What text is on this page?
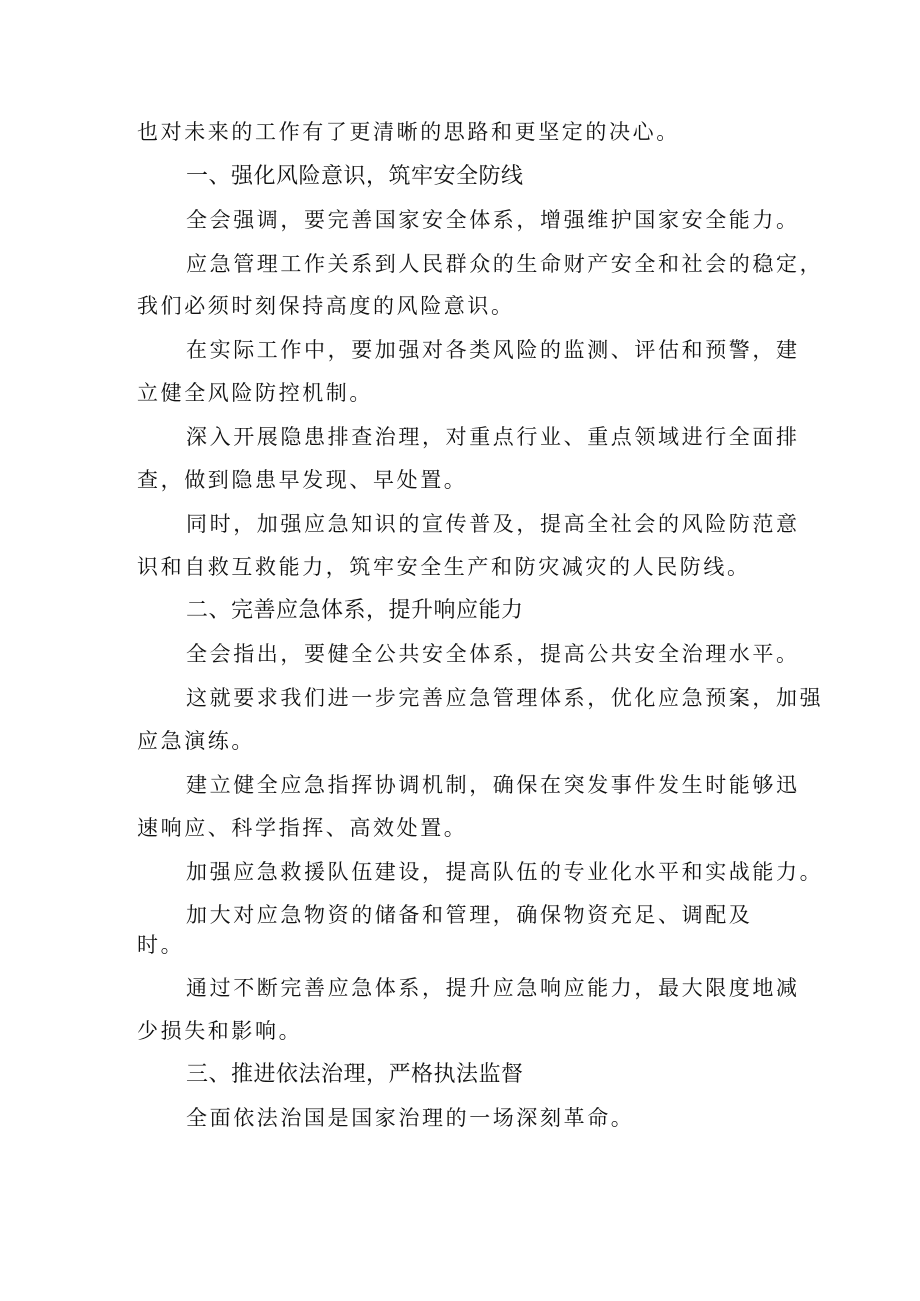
也对未来的工作有了更清晰的思路和更坚定的决心。
一、强化风险意识，筑牢安全防线
全会强调，要完善国家安全体系，增强维护国家安全能力。
应急管理工作关系到人民群众的生命财产安全和社会的稳定，
我们必须时刻保持高度的风险意识。
在实际工作中，要加强对各类风险的监测、评估和预警，建
立健全风险防控机制。
深入开展隐患排查治理，对重点行业、重点领域进行全面排
查，做到隐患早发现、早处置。
同时，加强应急知识的宣传普及，提高全社会的风险防范意
识和自救互救能力，筑牢安全生产和防灾减灾的人民防线。
二、完善应急体系，提升响应能力
全会指出，要健全公共安全体系，提高公共安全治理水平。
这就要求我们进一步完善应急管理体系，优化应急预案，加强
应急演练。
建立健全应急指挥协调机制，确保在突发事件发生时能够迅
速响应、科学指挥、高效处置。
加强应急救援队伍建设，提高队伍的专业化水平和实战能力。
加大对应急物资的储备和管理，确保物资充足、调配及
时。
通过不断完善应急体系，提升应急响应能力，最大限度地减
少损失和影响。
三、推进依法治理，严格执法监督
全面依法治国是国家治理的一场深刻革命。
